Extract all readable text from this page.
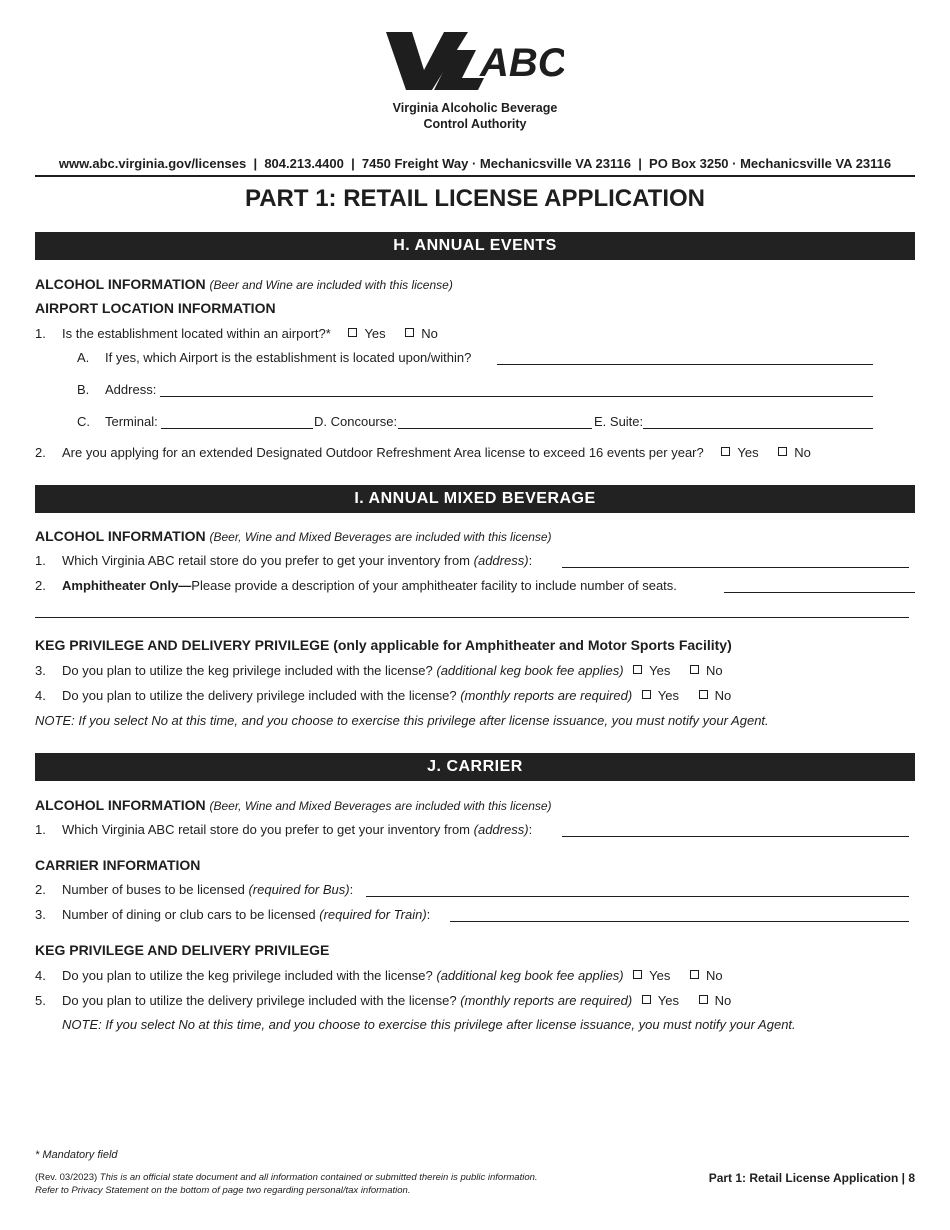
ABC
Virginia Alcoholic Beverage
Control Authority
www.abc.virginia.gov/licenses  |  804.213.4400  |  7450 Freight Way · Mechanicsville VA 23116  |  PO Box 3250 · Mechanicsville VA 23116
PART 1: RETAIL LICENSE APPLICATION
H. ANNUAL EVENTS
ALCOHOL INFORMATION (Beer and Wine are included with this license)
AIRPORT LOCATION INFORMATION
1. Is the establishment located within an airport?*	Yes
	No
A. If yes, which Airport is the establishment is located upon/within?
B. Address:
C. Terminal:	D. Concourse:	E. Suite:
2. Are you applying for an extended Designated Outdoor Refreshment Area license to exceed 16 events per year?	Yes
	No
I. ANNUAL MIXED BEVERAGE
ALCOHOL INFORMATION (Beer, Wine and Mixed Beverages are included with this license)
1. Which Virginia ABC retail store do you prefer to get your inventory from (address):
2. Amphitheater Only—Please provide a description of your amphitheater facility to include number of seats.
KEG PRIVILEGE AND DELIVERY PRIVILEGE (only applicable for Amphitheater and Motor Sports Facility)
3. Do you plan to utilize the keg privilege included with the license? (additional keg book fee applies) Yes
	No
4. Do you plan to utilize the delivery privilege included with the license? (monthly reports are required) Yes
	No
NOTE: If you select No at this time, and you choose to exercise this privilege after license issuance, you must notify your Agent.
J. CARRIER
ALCOHOL INFORMATION (Beer, Wine and Mixed Beverages are included with this license)
1. Which Virginia ABC retail store do you prefer to get your inventory from (address):
CARRIER INFORMATION
2. Number of buses to be licensed (required for Bus):
3. Number of dining or club cars to be licensed (required for Train):
KEG PRIVILEGE AND DELIVERY PRIVILEGE
4. Do you plan to utilize the keg privilege included with the license? (additional keg book fee applies) Yes
	No
5. Do you plan to utilize the delivery privilege included with the license? (monthly reports are required) Yes
	No
NOTE: If you select No at this time, and you choose to exercise this privilege after license issuance, you must notify your Agent.
* Mandatory field
(Rev. 03/2023) This is an official state document and all information contained or submitted therein is public information.
Refer to Privacy Statement on the bottom of page two regarding personal/tax information.
Part 1: Retail License Application | 8
